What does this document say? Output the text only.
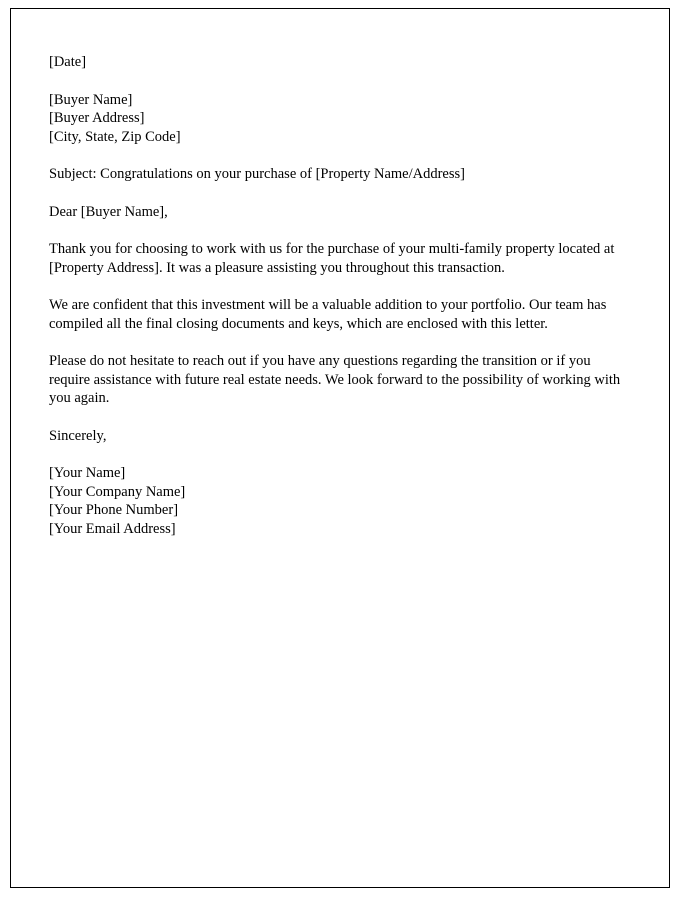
[Date]
[Buyer Name]
[Buyer Address]
[City, State, Zip Code]

Subject: Congratulations on your purchase of [Property Name/Address]

Dear [Buyer Name],

Thank you for choosing to work with us for the purchase of your multi-family property located at [Property Address]. It was a pleasure assisting you throughout this transaction.

We are confident that this investment will be a valuable addition to your portfolio. Our team has compiled all the final closing documents and keys, which are enclosed with this letter.

Please do not hesitate to reach out if you have any questions regarding the transition or if you require assistance with future real estate needs. We look forward to the possibility of working with you again.

Sincerely,

[Your Name]
[Your Company Name]
[Your Phone Number]
[Your Email Address]
